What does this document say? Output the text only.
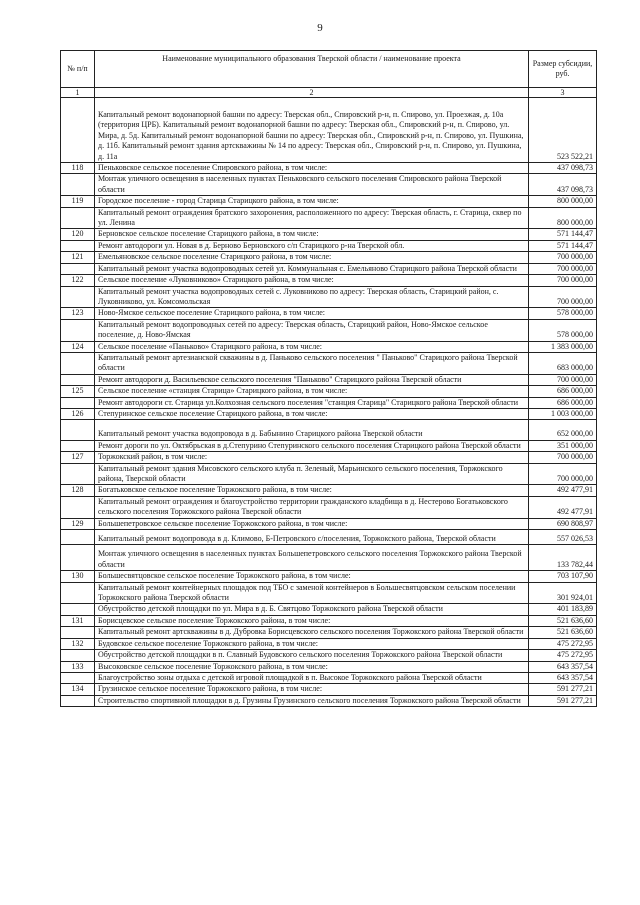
9
№ п/п	Наименование муниципального образования Тверской области / наименование проекта	Размер субсидии, руб.
1	2	3
	Капитальный ремонт водонапорной башни по адресу: Тверская обл., Спировский р-н, п. Спирово, ул. Проезжая, д. 10а (территория ЦРБ). Капитальный ремонт водонапорной башни по адресу: Тверская обл., Спировский р-н, п. Спирово, ул. Мира, д. 5д. Капитальный ремонт водонапорной башни по адресу: Тверская обл., Спировский р-н, п. Спирово, ул. Пушкина, д. 11б. Капитальный ремонт здания артскважины № 14 по адресу: Тверская обл., Спировский р-н, п. Спирово, ул. Пушкина, д. 11а	523 522,21
118	Пеньковское сельское поселение Спировского района, в том числе:	437 098,73
	Монтаж уличного освещения в населенных пунктах Пеньковского сельского поселения Спировского района Тверской области	437 098,73
119	Городское поселение - город Старица Старицкого района, в том числе:	800 000,00
	Капитальный ремонт ограждения братского захоронения, расположенного по адресу: Тверская область, г. Старица, сквер по ул. Ленина	800 000,00
120	Берновское сельское поселение Старицкого района, в том числе:	571 144,47
	Ремонт автодороги ул. Новая в д. Берново Берновского с/п Старицкого р-на Тверской обл.	571 144,47
121	Емельяновское сельское поселение Старицкого района, в том числе:	700 000,00
	Капитальный ремонт участка водопроводных сетей ул. Коммунальная с. Емельяново Старицкого района Тверской области	700 000,00
122	Сельское поселение «Луковниково» Старицкого района, в том числе:	700 000,00
	Капитальный ремонт участка водопроводных сетей с. Луковниково по адресу: Тверская область, Старицкий район, с. Луковниково, ул. Комсомольская	700 000,00
123	Ново-Ямское сельское поселение Старицкого района, в том числе:	578 000,00
	Капитальный ремонт водопроводных сетей по адресу: Тверская область, Старицкий район, Ново-Ямское сельское поселение, д. Ново-Ямская	578 000,00
124	Сельское поселение «Паньково» Старицкого района, в том числе:	1 383 000,00
	Капитальный ремонт артезианской скважины в д. Паньково сельского поселения " Паньково" Старицкого района Тверской области	683 000,00
	Ремонт автодороги д. Васильевское сельского поселения "Паньково" Старицкого района Тверской области	700 000,00
125	Сельское поселение «станция Старица» Старицкого района, в том числе:	686 000,00
	Ремонт автодороги ст. Старица ул.Колхозная сельского поселения "станция Старица" Старицкого района Тверской области	686 000,00
126	Степуринское сельское поселение Старицкого района, в том числе:	1 003 000,00
	Капитальный ремонт участка водопровода в д. Бабынино Старицкого района Тверской области	652 000,00
	Ремонт дороги по ул. Октябрьская в д.Степурино Степуринского сельского поселения Старицкого района Тверской области	351 000,00
127	Торжокский район, в том числе:	700 000,00
	Капитальный ремонт здания Мисовского сельского клуба п. Зеленый, Марьинского сельского поселения, Торжокского района, Тверской области	700 000,00
128	Богатьковское сельское поселение Торжокского района, в том числе:	492 477,91
	Капитальный ремонт ограждения и благоустройство территории гражданского кладбища в д. Нестерово Богатьковского сельского поселения Торжокского района Тверской области	492 477,91
129	Большепетровское сельское поселение Торжокского района, в том числе:	690 808,97
	Капитальный ремонт водопровода в д. Климово, Б-Петровского с/поселения, Торжокского района, Тверской области	557 026,53
	Монтаж уличного освещения в населенных пунктах Большепетровского сельского поселения Торжокского района Тверской области	133 782,44
130	Большесвятцовское сельское поселение Торжокского района, в том числе:	703 107,90
	Капитальный ремонт контейнерных площадок под ТБО с заменой контейнеров в Большесвятцовском сельском поселении Торжокского района Тверской области	301 924,01
	Обустройство детской площадки по ул. Мира в д. Б. Святцово Торжокского района Тверской области	401 183,89
131	Борисцевское сельское поселение Торжокского района, в том числе:	521 636,60
	Капитальный ремонт артскважины в д. Дубровка Борисцевского сельского поселения Торжокского района Тверской области	521 636,60
132	Будовское сельское поселение Торжокского района, в том числе:	475 272,95
	Обустройство детской площадки в п. Славный Будовского сельского поселения Торжокского района Тверской области	475 272,95
133	Высоковское сельское поселение Торжокского района, в том числе:	643 357,54
	Благоустройство зоны отдыха с детской игровой площадкой в п. Высокое Торжокского района Тверской области	643 357,54
134	Грузинское сельское поселение Торжокского района, в том числе:	591 277,21
	Строительство спортивной площадки в д. Грузины Грузинского сельского поселения Торжокского района Тверской области	591 277,21
